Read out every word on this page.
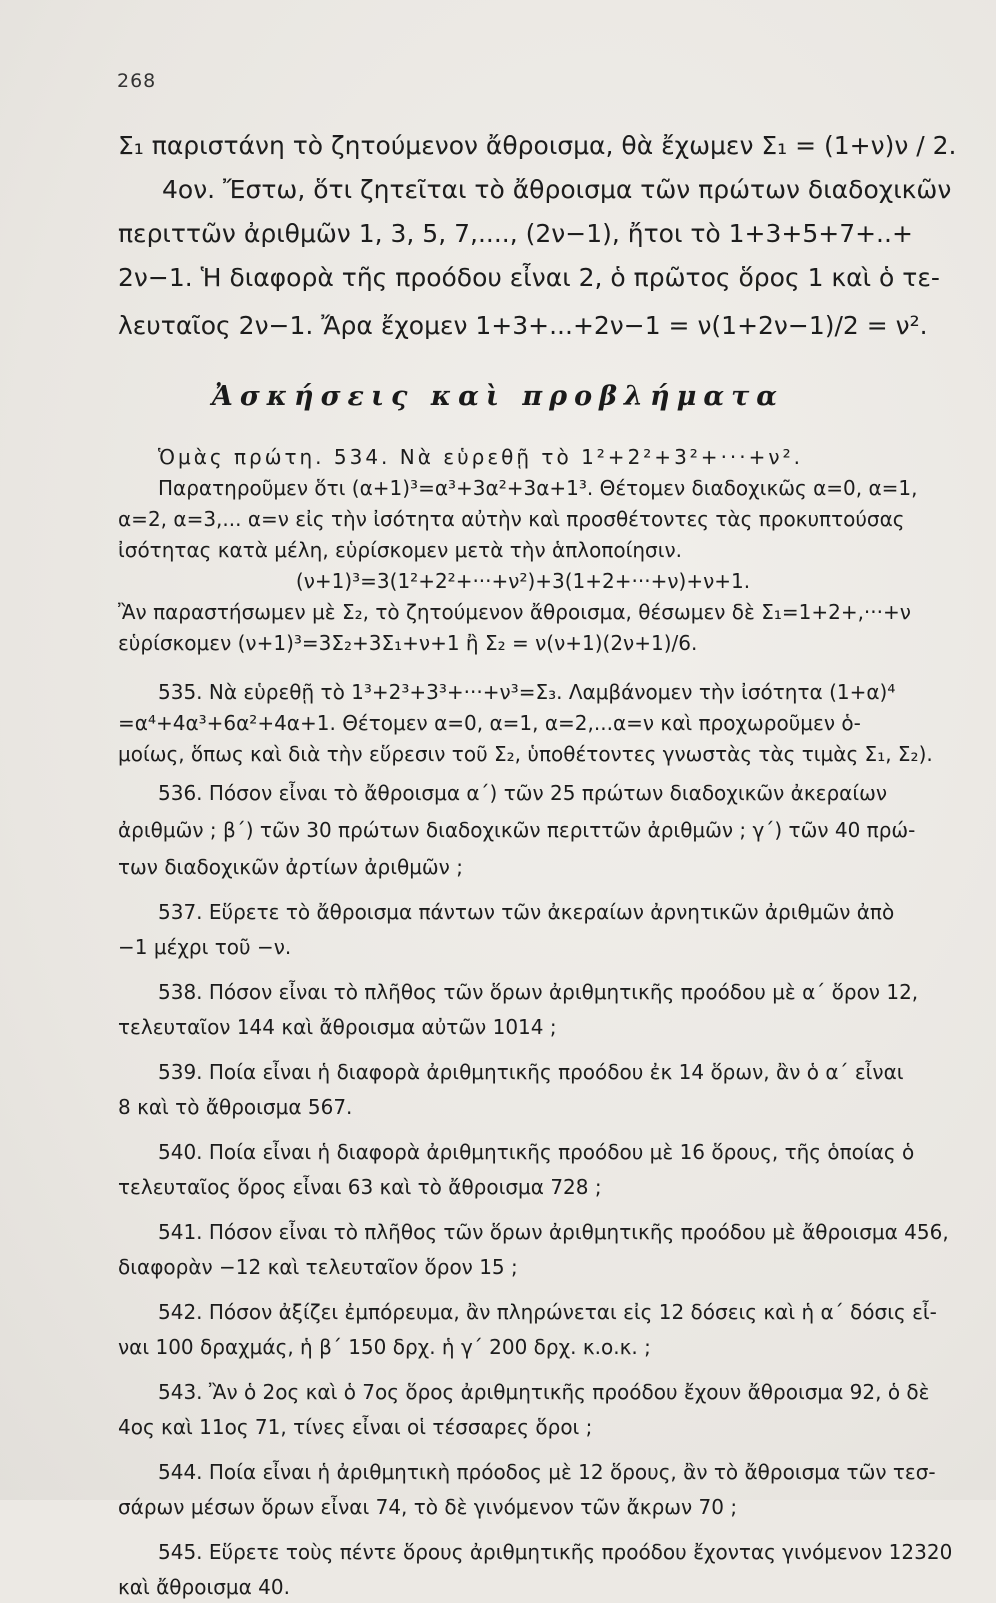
268
Σ₁ παριστάνη τὸ ζητούμενον ἄθροισμα, θὰ ἔχωμεν Σ₁ = (1+ν)ν / 2.
4ον. Ἔστω, ὅτι ζητεῖται τὸ ἄθροισμα τῶν πρώτων διαδοχικῶν
περιττῶν ἀριθμῶν 1, 3, 5, 7,...., (2ν−1), ἤτοι τὸ 1+3+5+7+..+
2ν−1. Ἡ διαφορὰ τῆς προόδου εἶναι 2, ὁ πρῶτος ὅρος 1 καὶ ὁ τε-
λευταῖος 2ν−1. Ἄρα ἔχομεν 1+3+...+2ν−1 = ν(1+2ν−1)/2 = ν².
Ἀσκήσεις καὶ προβλήματα
Ὁμὰς πρώτη. 534. Νὰ εὑρεθῇ τὸ 1²+2²+3²+···+ν².
Παρατηροῦμεν ὅτι (α+1)³=α³+3α²+3α+1³. Θέτομεν διαδοχικῶς α=0, α=1,
α=2, α=3,... α=ν εἰς τὴν ἰσότητα αὐτὴν καὶ προσθέτοντες τὰς προκυπτούσας
ἰσότητας κατὰ μέλη, εὑρίσκομεν μετὰ τὴν ἁπλοποίησιν.
(ν+1)³=3(1²+2²+···+ν²)+3(1+2+···+ν)+ν+1.
Ἂν παραστήσωμεν μὲ Σ₂, τὸ ζητούμενον ἄθροισμα, θέσωμεν δὲ Σ₁=1+2+,···+ν
εὑρίσκομεν (ν+1)³=3Σ₂+3Σ₁+ν+1 ἢ Σ₂ = ν(ν+1)(2ν+1)/6.
535. Νὰ εὑρεθῇ τὸ 1³+2³+3³+···+ν³=Σ₃. Λαμβάνομεν τὴν ἰσότητα (1+α)⁴
=α⁴+4α³+6α²+4α+1. Θέτομεν α=0, α=1, α=2,...α=ν καὶ προχωροῦμεν ὁ-
μοίως, ὅπως καὶ διὰ τὴν εὕρεσιν τοῦ Σ₂, ὑποθέτοντες γνωστὰς τὰς τιμὰς Σ₁, Σ₂).
536. Πόσον εἶναι τὸ ἄθροισμα α΄) τῶν 25 πρώτων διαδοχικῶν ἀκεραίων
ἀριθμῶν ; β΄) τῶν 30 πρώτων διαδοχικῶν περιττῶν ἀριθμῶν ; γ΄) τῶν 40 πρώ-
των διαδοχικῶν ἀρτίων ἀριθμῶν ;
537. Εὕρετε τὸ ἄθροισμα πάντων τῶν ἀκεραίων ἀρνητικῶν ἀριθμῶν ἀπὸ
−1 μέχρι τοῦ −ν.
538. Πόσον εἶναι τὸ πλῆθος τῶν ὅρων ἀριθμητικῆς προόδου μὲ α΄ ὅρον 12,
τελευταῖον 144 καὶ ἄθροισμα αὐτῶν 1014 ;
539. Ποία εἶναι ἡ διαφορὰ ἀριθμητικῆς προόδου ἐκ 14 ὅρων, ἂν ὁ α΄ εἶναι
8 καὶ τὸ ἄθροισμα 567.
540. Ποία εἶναι ἡ διαφορὰ ἀριθμητικῆς προόδου μὲ 16 ὅρους, τῆς ὁποίας ὁ
τελευταῖος ὅρος εἶναι 63 καὶ τὸ ἄθροισμα 728 ;
541. Πόσον εἶναι τὸ πλῆθος τῶν ὅρων ἀριθμητικῆς προόδου μὲ ἄθροισμα 456,
διαφορὰν −12 καὶ τελευταῖον ὅρον 15 ;
542. Πόσον ἀξίζει ἐμπόρευμα, ἂν πληρώνεται εἰς 12 δόσεις καὶ ἡ α΄ δόσις εἶ-
ναι 100 δραχμάς, ἡ β΄ 150 δρχ. ἡ γ΄ 200 δρχ. κ.ο.κ. ;
543. Ἂν ὁ 2ος καὶ ὁ 7ος ὅρος ἀριθμητικῆς προόδου ἔχουν ἄθροισμα 92, ὁ δὲ
4ος καὶ 11ος 71, τίνες εἶναι οἱ τέσσαρες ὅροι ;
544. Ποία εἶναι ἡ ἀριθμητικὴ πρόοδος μὲ 12 ὅρους, ἂν τὸ ἄθροισμα τῶν τεσ-
σάρων μέσων ὅρων εἶναι 74, τὸ δὲ γινόμενον τῶν ἄκρων 70 ;
545. Εὕρετε τοὺς πέντε ὅρους ἀριθμητικῆς προόδου ἔχοντας γινόμενον 12320
καὶ ἄθροισμα 40.
